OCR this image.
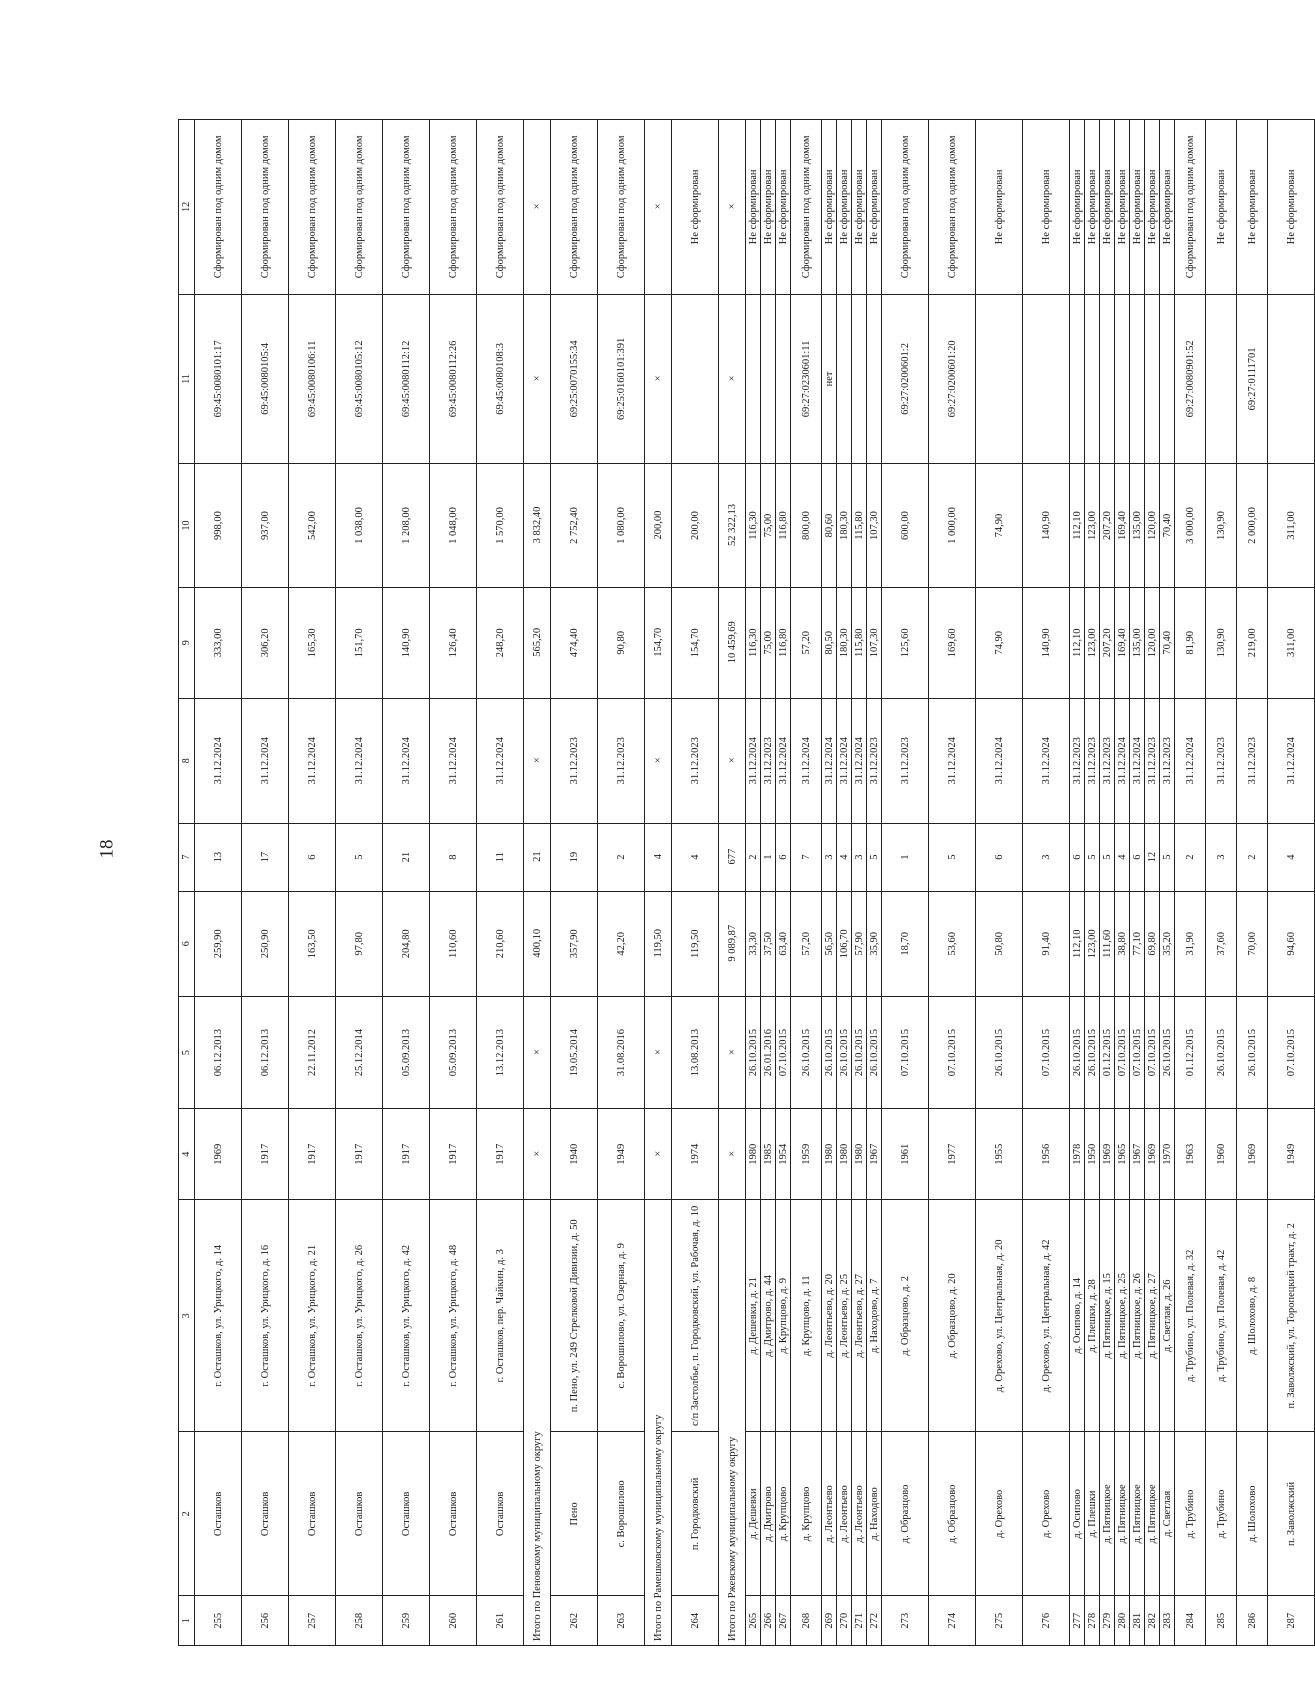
18
1	2	3	4	5	6	7	8	9	10	11	12
255	Осташков	г. Осташков, ул. Урицкого, д. 14	1969	06.12.2013	259,90	13	31.12.2024	333,00	998,00	69:45:0080101:17	Сформирован под одним домом
256	Осташков	г. Осташков, ул. Урицкого, д. 16	1917	06.12.2013	250,90	17	31.12.2024	306,20	937,00	69:45:0080105:4	Сформирован под одним домом
257	Осташков	г. Осташков, ул. Урицкого, д. 21	1917	22.11.2012	163,50	6	31.12.2024	165,30	542,00	69:45:0080106:11	Сформирован под одним домом
258	Осташков	г. Осташков, ул. Урицкого, д. 26	1917	25.12.2014	97,80	5	31.12.2024	151,70	1 038,00	69:45:0080105:12	Сформирован под одним домом
259	Осташков	г. Осташков, ул. Урицкого, д. 42	1917	05.09.2013	204,80	21	31.12.2024	140,90	1 208,00	69:45:0080112:12	Сформирован под одним домом
260	Осташков	г. Осташков, ул. Урицкого, д. 48	1917	05.09.2013	110,60	8	31.12.2024	126,40	1 048,00	69:45:0080112:26	Сформирован под одним домом
261	Осташков	г. Осташков, пер. Чайкин, д. 3	1917	13.12.2013	210,60	11	31.12.2024	248,20	1 570,00	69:45:0080108:3	Сформирован под одним домом
Итого по Пеновскому муниципальному округу			×	×	400,10	21	×	565,20	3 832,40	×	×
262	Пено	п. Пено, ул. 249 Стрелковой Дивизии, д. 50	1940	19.05.2014	357,90	19	31.12.2023	474,40	2 752,40	69:25:0070155:34	Сформирован под одним домом
263	с. Ворошилово	с. Ворошилово, ул. Озерная, д. 9	1949	31.08.2016	42,20	2	31.12.2023	90,80	1 080,00	69:25:0160101:391	Сформирован под одним домом
Итого по Рамешковскому муниципальному округу			×	×	119,50	4	×	154,70	200,00	×	×
264	п. Городковский	с/п Застолбье, п. Городковский, ул. Рабочая, д. 10	1974	13.08.2013	119,50	4	31.12.2023	154,70	200,00		Не сформирован
Итого по Ржевскому муниципальному округу			×	×	9 089,87	677	×	10 459,69	52 322,13	×	×
265	д. Дешевки	д. Дешевки, д. 21	1980	26.10.2015	33,30	2	31.12.2024	116,30	116,30		Не сформирован
266	д. Дмитрово	д. Дмитрово, д. 44	1985	26.01.2016	37,50	1	31.12.2023	75,00	75,00		Не сформирован
267	д. Крупцово	д. Крупцово, д. 9	1954	07.10.2015	63,40	6	31.12.2024	116,80	116,80		Не сформирован
268	д. Крупцово	д. Крупцово, д. 11	1959	26.10.2015	57,20	7	31.12.2024	57,20	800,00	69:27:0230601:11	Сформирован под одним домом
269	д. Леонтьево	д. Леонтьево, д. 20	1980	26.10.2015	56,50	3	31.12.2024	80,50	80,60	нет	Не сформирован
270	д. Леонтьево	д. Леонтьево, д. 25	1980	26.10.2015	106,70	4	31.12.2024	180,30	180,30		Не сформирован
271	д. Леонтьево	д. Леонтьево, д. 27	1980	26.10.2015	57,90	3	31.12.2024	115,80	115,80		Не сформирован
272	д. Находово	д. Находово, д. 7	1967	26.10.2015	35,90	5	31.12.2023	107,30	107,30		Не сформирован
273	д. Образцово	д. Образцово, д. 2	1961	07.10.2015	18,70	1	31.12.2023	125,60	600,00	69:27:0200601:2	Сформирован под одним домом
274	д. Образцово	д. Образцово, д. 20	1977	07.10.2015	53,60	5	31.12.2024	169,60	1 000,00	69:27:0200601:20	Сформирован под одним домом
275	д. Орехово	д. Орехово, ул. Центральная, д. 20	1955	26.10.2015	50,80	6	31.12.2024	74,90	74,90		Не сформирован
276	д. Орехово	д. Орехово, ул. Центральная, д. 42	1956	07.10.2015	91,40	3	31.12.2024	140,90	140,90		Не сформирован
277	д. Осипово	д. Осипово, д. 14	1978	26.10.2015	112,10	6	31.12.2023	112,10	112,10		Не сформирован
278	д. Плешки	д. Плешки, д. 28	1950	26.10.2015	123,00	5	31.12.2023	123,00	123,00		Не сформирован
279	д. Пятницкое	д. Пятницкое, д. 15	1969	01.12.2015	111,60	5	31.12.2023	207,20	207,20		Не сформирован
280	д. Пятницкое	д. Пятницкое, д. 25	1965	07.10.2015	38,80	4	31.12.2024	169,40	169,40		Не сформирован
281	д. Пятницкое	д. Пятницкое, д. 26	1967	07.10.2015	77,10	6	31.12.2024	135,00	135,00		Не сформирован
282	д. Пятницкое	д. Пятницкое, д. 27	1969	07.10.2015	69,80	12	31.12.2023	120,00	120,00		Не сформирован
283	д. Светлая	д. Светлая, д. 26	1970	26.10.2015	35,20	5	31.12.2023	70,40	70,40		Не сформирован
284	д. Трубино	д. Трубино, ул. Полевая, д. 32	1963	01.12.2015	31,90	2	31.12.2024	81,90	3 000,00	69:27:0080901:52	Сформирован под одним домом
285	д. Трубино	д. Трубино, ул. Полевая, д. 42	1960	26.10.2015	37,60	3	31.12.2023	130,90	130,90		Не сформирован
286	д. Шолохово	д. Шолохово, д. 8	1969	26.10.2015	70,00	2	31.12.2023	219,00	2 000,00	69:27:0111701	Не сформирован
287	п. Заволжский	п. Заволжский, ул. Торопецкий тракт, д. 2	1949	07.10.2015	94,60	4	31.12.2024	311,00	311,00		Не сформирован
